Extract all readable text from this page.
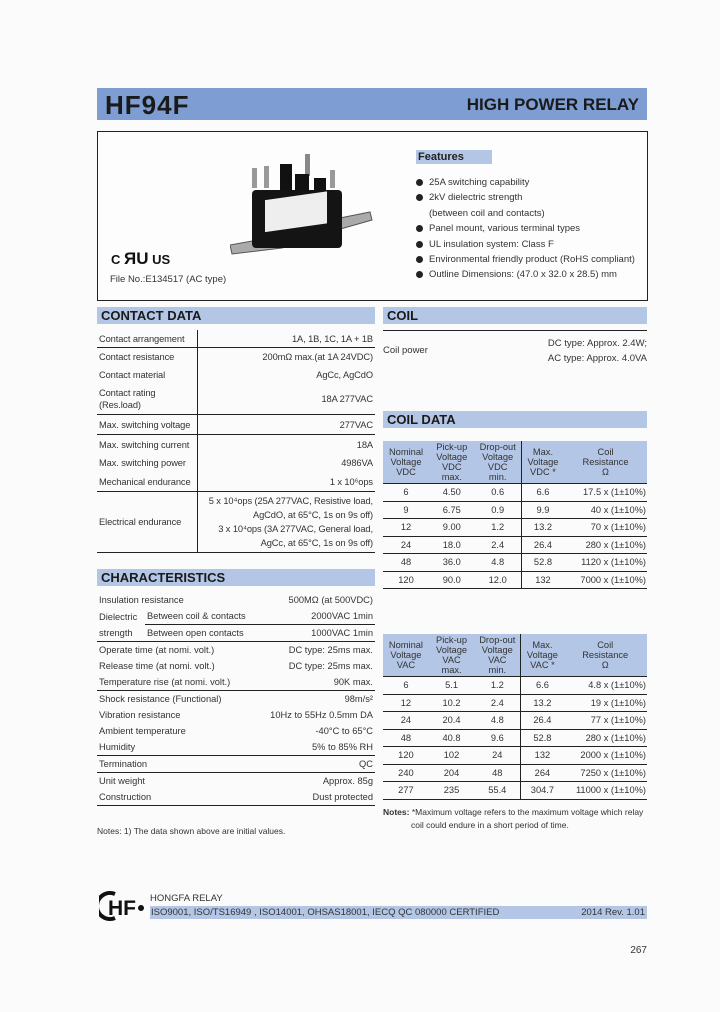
HF94F	HIGH POWER RELAY
C ЯU US
File No.:E134517 (AC type)
Features
25A switching capability
2kV dielectric strength
(between coil and contacts)
Panel mount, various terminal types
UL insulation system: Class F
Environmental friendly product (RoHS compliant)
Outline Dimensions: (47.0 x 32.0 x 28.5) mm
CONTACT DATA
Contact arrangement	1A, 1B, 1C, 1A + 1B
Contact resistance	200mΩ max.(at 1A 24VDC)
Contact material	AgCc, AgCdO
Contact rating
(Res.load)	18A 277VAC
Max. switching voltage	277VAC
Max. switching current	18A
Max. switching power	4986VA
Mechanical endurance	1 x 10⁶ops
Electrical endurance	5 x 10⁴ops (25A 277VAC, Resistive load,
AgCdO, at 65°C, 1s on 9s off)
3 x 10⁴ops (3A 277VAC, General load,
AgCc, at 65°C, 1s on 9s off)
COIL
Coil power
DC type: Approx. 2.4W;
AC type: Approx. 4.0VA
COIL DATA
Nominal
Voltage
VDC	Pick-up
Voltage
VDC
max.	Drop-out
Voltage
VDC
min.	Max.
Voltage
VDC *	Coil
Resistance
Ω
6	4.50	0.6	6.6	17.5 x (1±10%)
9	6.75	0.9	9.9	40 x (1±10%)
12	9.00	1.2	13.2	70 x (1±10%)
24	18.0	2.4	26.4	280 x (1±10%)
48	36.0	4.8	52.8	1120 x (1±10%)
120	90.0	12.0	132	7000 x (1±10%)
Nominal
Voltage
VAC	Pick-up
Voltage
VAC
max.	Drop-out
Voltage
VAC
min.	Max.
Voltage
VAC *	Coil
Resistance
Ω
6	5.1	1.2	6.6	4.8 x (1±10%)
12	10.2	2.4	13.2	19 x (1±10%)
24	20.4	4.8	26.4	77 x (1±10%)
48	40.8	9.6	52.8	280 x (1±10%)
120	102	24	132	2000 x (1±10%)
240	204	48	264	7250 x (1±10%)
277	235	55.4	304.7	11000 x (1±10%)
Notes: *Maximum voltage refers to the maximum voltage which relay
coil could endure in a short period of time.
CHARACTERISTICS
Insulation resistance		500MΩ (at 500VDC)
Dielectric
strength	Between coil & contacts	2000VAC 1min
	Between open contacts	1000VAC 1min
Operate time (at nomi. volt.)		DC type: 25ms max.
Release time (at nomi. volt.)		DC type: 25ms max.
Temperature rise (at nomi. volt.)		90K max.
Shock resistance (Functional)		98m/s²
Vibration resistance		10Hz to 55Hz 0.5mm DA
Ambient temperature		-40°C to 65°C
Humidity		5% to 85% RH
Termination		QC
Unit weight		Approx. 85g
Construction		Dust protected
Notes: 1) The data shown above are initial values.
HF HONGFA RELAY
ISO9001, ISO/TS16949 , ISO14001, OHSAS18001, IECQ QC 080000 CERTIFIED	2014 Rev. 1.01
267
